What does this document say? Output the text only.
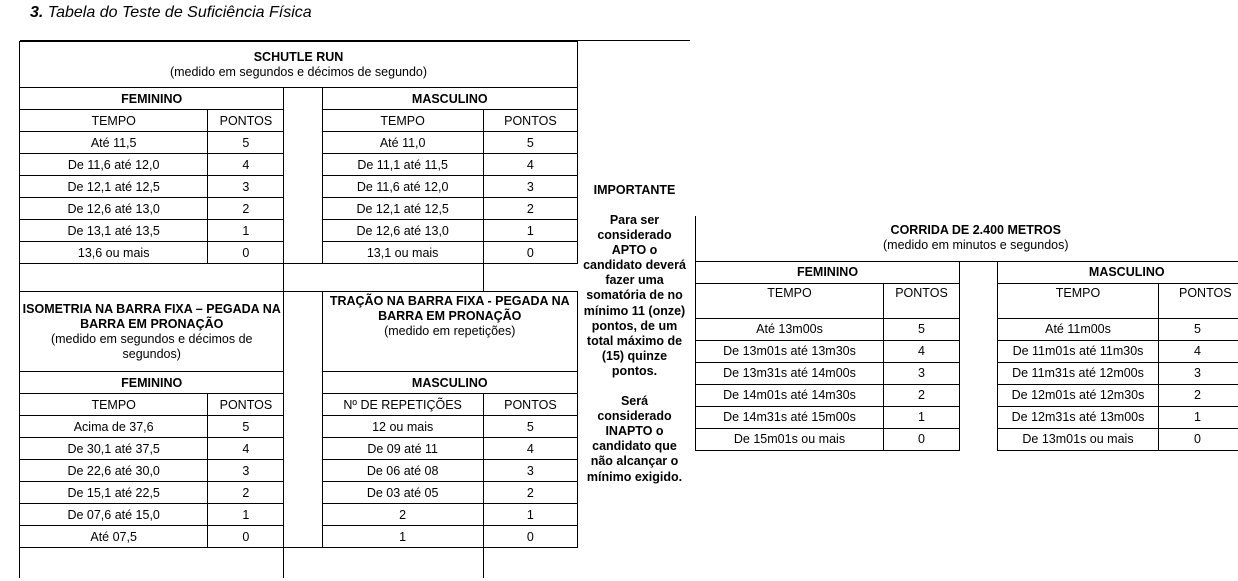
3. Tabela do Teste de Suficiência Física
SCHUTLE RUN
(medido em segundos e décimos de segundo)				

FEMININO			MASCULINO	
TEMPO	PONTOS		TEMPO	PONTOS
Até 11,5	5		Até 11,0	5
De 11,6 até 12,0	4		De 11,1 até 11,5	4
De 12,1 até 12,5	3		De 11,6 até 12,0	3
De 12,6 até 13,0	2		De 12,1 até 12,5	2
De 13,1 até 13,5	1		De 12,6 até 13,0	1
13,6 ou mais	0		13,1 ou mais	0

ISOMETRIA NA BARRA FIXA – PEGADA NA BARRA EM PRONAÇÃO
(medido em segundos e décimos de segundos)			TRAÇÃO NA BARRA FIXA - PEGADA NA BARRA EM PRONAÇÃO
(medido em repetições)	

FEMININO			MASCULINO	
TEMPO	PONTOS		Nº DE REPETIÇÕES	PONTOS
Acima de 37,6	5		12 ou mais	5
De 30,1 até 37,5	4		De 09 até 11	4
De 22,6 até 30,0	3		De 06 até 08	3
De 15,1 até 22,5	2		De 03 até 05	2
De 07,6 até 15,0	1		2	1
Até 07,5	0		1	0

IMPORTANTE
Para ser considerado APTO o candidato deverá fazer uma somatória de no mínimo 11 (onze) pontos, de um total máximo de (15) quinze pontos.
Será considerado INAPTO o candidato que não alcançar o mínimo exigido.
CORRIDA DE 2.400 METROS
(medido em minutos e segundos)				

FEMININO			MASCULINO	
TEMPO	PONTOS		TEMPO	PONTOS
Até 13m00s	5		Até 11m00s	5
De 13m01s até 13m30s	4		De 11m01s até 11m30s	4
De 13m31s até 14m00s	3		De 11m31s até 12m00s	3
De 14m01s até 14m30s	2		De 12m01s até 12m30s	2
De 14m31s até 15m00s	1		De 12m31s até 13m00s	1
De 15m01s ou mais	0		De 13m01s ou mais	0
